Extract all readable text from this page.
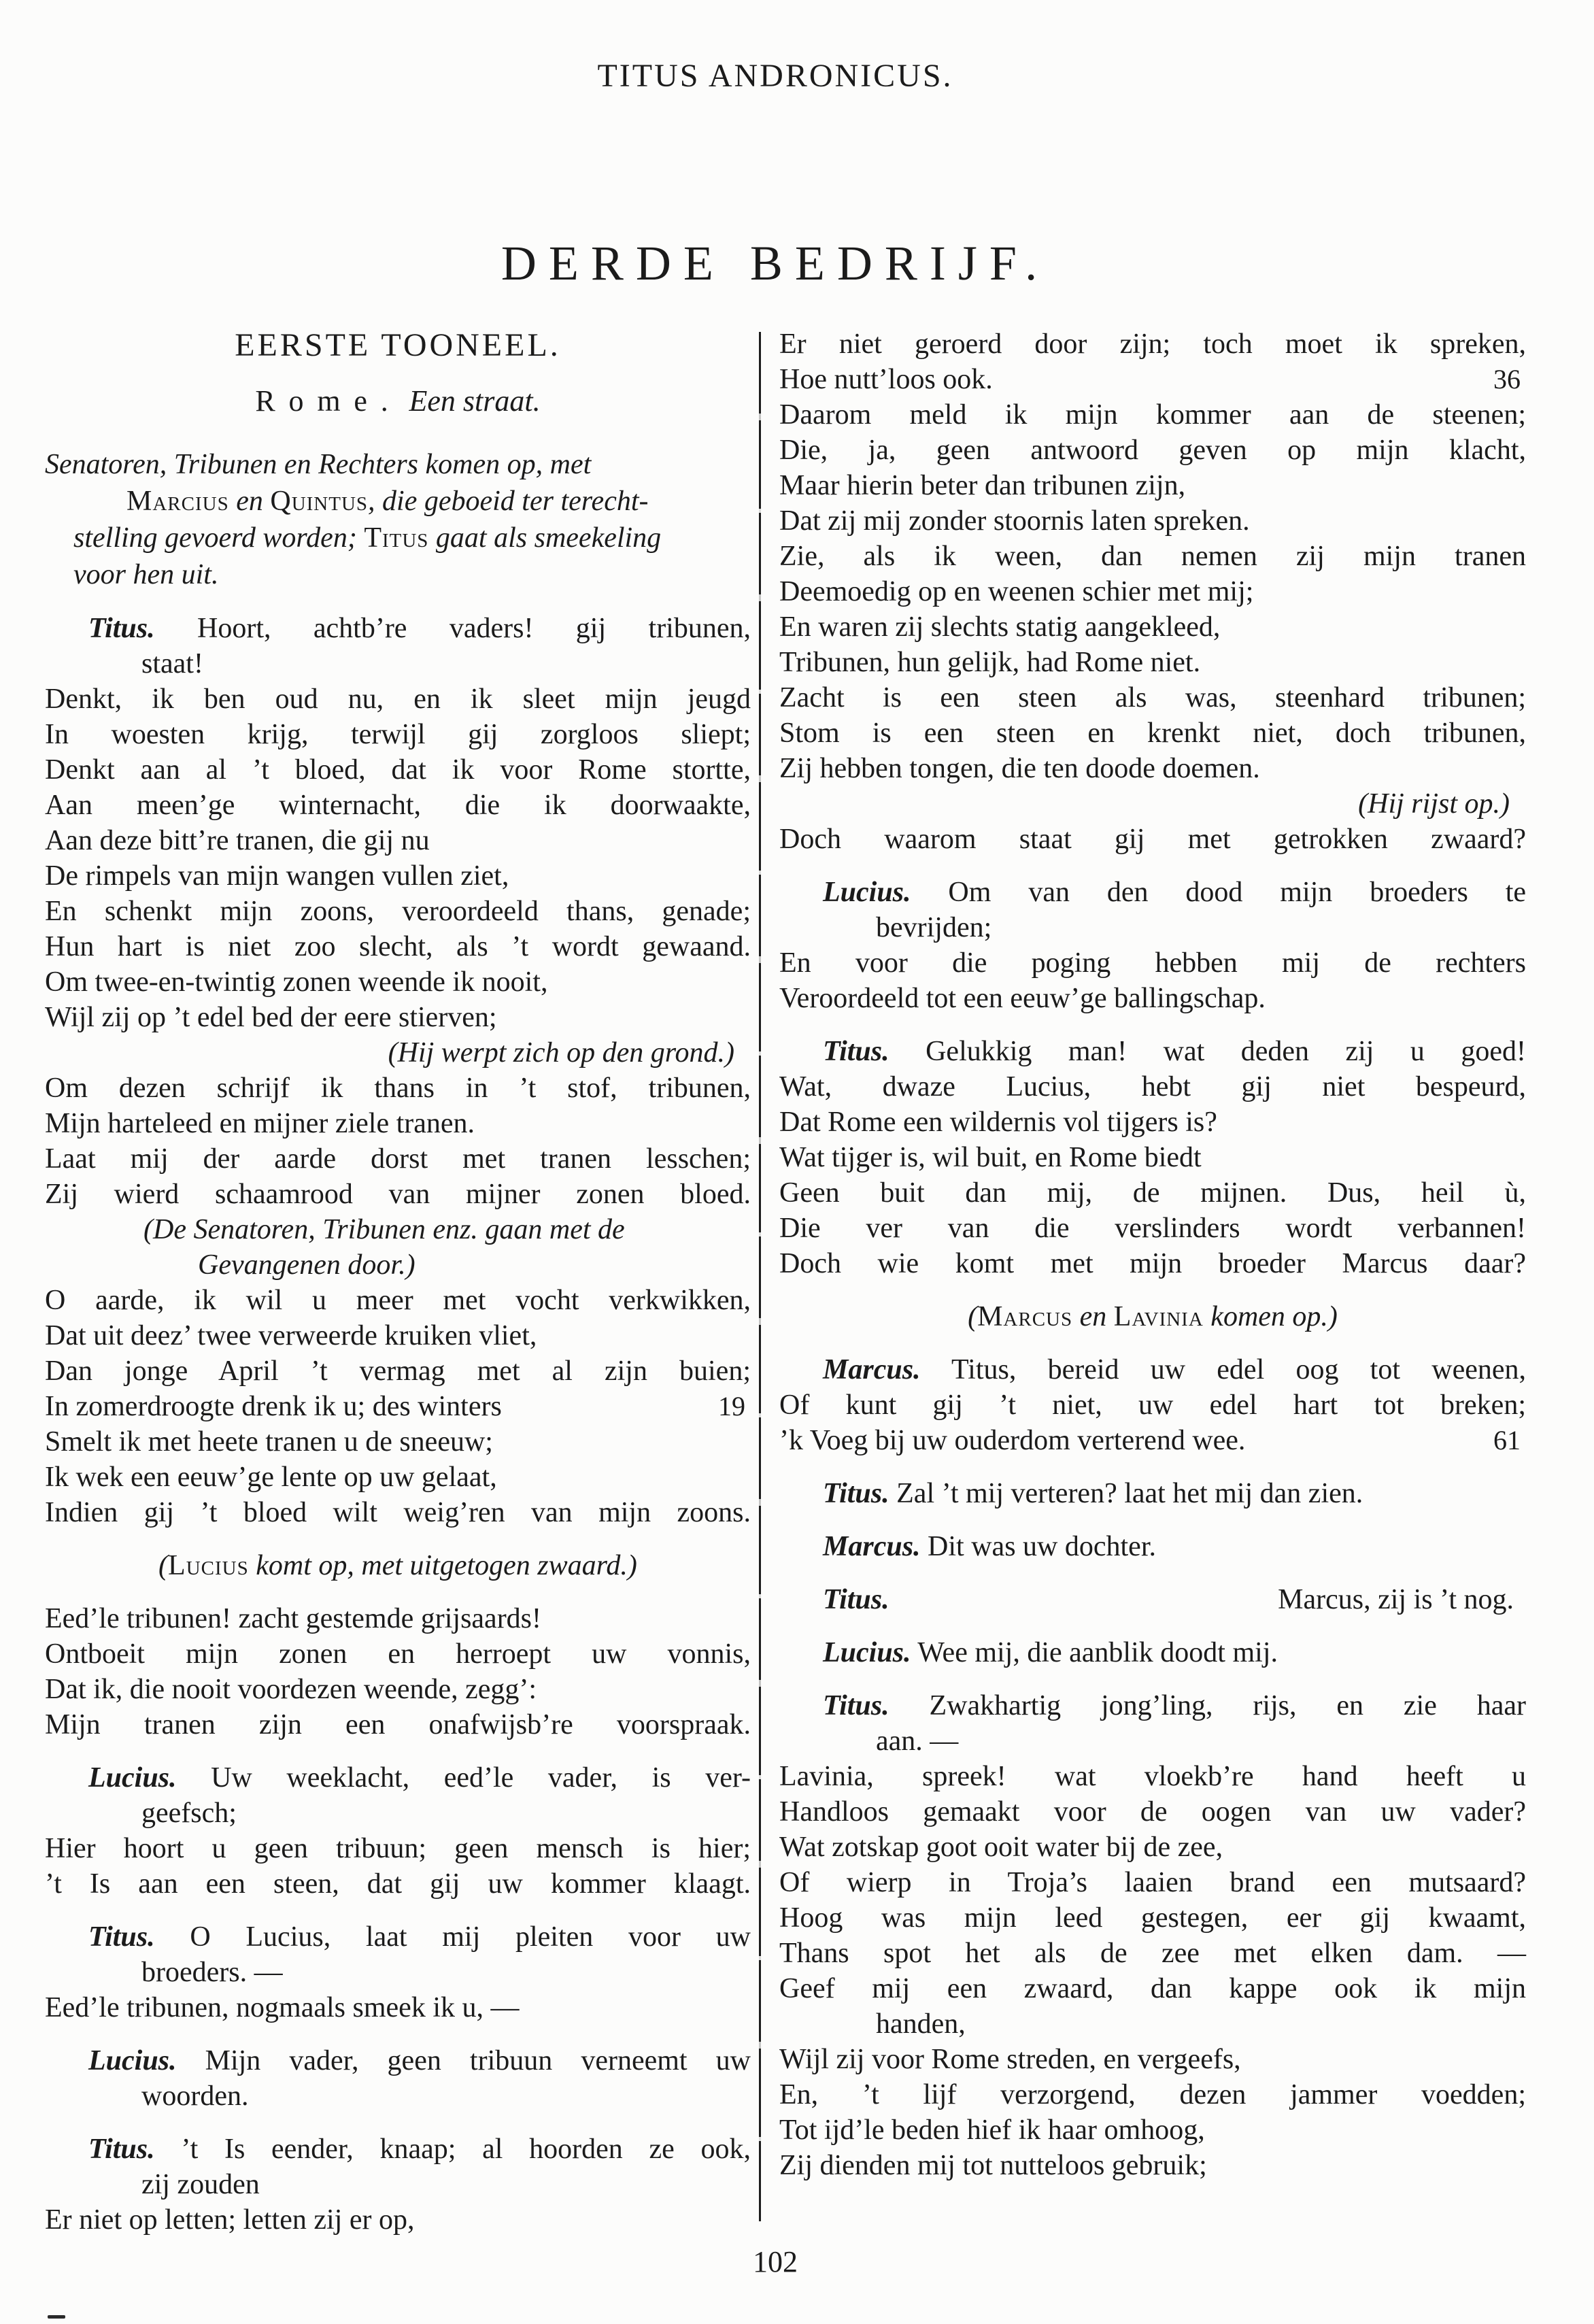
TITUS ANDRONICUS.
DERDE BEDRIJF.
EERSTE TOONEEL.
Rome. Een straat.
Senatoren, Tribunen en Rechters komen op, met
Marcius en Quintus, die geboeid ter terecht-
stelling gevoerd worden; Titus gaat als smeekeling
voor hen uit.
Titus. Hoort, achtb’re vaders! gij tribunen,
staat!
Denkt, ik ben oud nu, en ik sleet mijn jeugd
In woesten krijg, terwijl gij zorgloos sliept;
Denkt aan al ’t bloed, dat ik voor Rome stortte,
Aan meen’ge winternacht, die ik doorwaakte,
Aan deze bitt’re tranen, die gij nu
De rimpels van mijn wangen vullen ziet,
En schenkt mijn zoons, veroordeeld thans, genade;
Hun hart is niet zoo slecht, als ’t wordt gewaand.
Om twee-en-twintig zonen weende ik nooit,
Wijl zij op ’t edel bed der eere stierven;
(Hij werpt zich op den grond.)
Om dezen schrijf ik thans in ’t stof, tribunen,
Mijn harteleed en mijner ziele tranen.
Laat mij der aarde dorst met tranen lesschen;
Zij wierd schaamrood van mijner zonen bloed.
(De Senatoren, Tribunen enz. gaan met de
Gevangenen door.)
O aarde, ik wil u meer met vocht verkwikken,
Dat uit deez’ twee verweerde kruiken vliet,
Dan jonge April ’t vermag met al zijn buien;
In zomerdroogte drenk ik u; des winters	19
Smelt ik met heete tranen u de sneeuw;
Ik wek een eeuw’ge lente op uw gelaat,
Indien gij ’t bloed wilt weig’ren van mijn zoons.
(Lucius komt op, met uitgetogen zwaard.)
Eed’le tribunen! zacht gestemde grijsaards!
Ontboeit mijn zonen en herroept uw vonnis,
Dat ik, die nooit voordezen weende, zegg’:
Mijn tranen zijn een onafwijsb’re voorspraak.
Lucius. Uw weeklacht, eed’le vader, is ver-
geefsch;
Hier hoort u geen tribuun; geen mensch is hier;
’t Is aan een steen, dat gij uw kommer klaagt.
Titus. O Lucius, laat mij pleiten voor uw
broeders. —
Eed’le tribunen, nogmaals smeek ik u, —
Lucius. Mijn vader, geen tribuun verneemt uw
woorden.
Titus. ’t Is eender, knaap; al hoorden ze ook,
zij zouden
Er niet op letten; letten zij er op,
Er niet geroerd door zijn; toch moet ik spreken,
Hoe nutt’loos ook.	36
Daarom meld ik mijn kommer aan de steenen;
Die, ja, geen antwoord geven op mijn klacht,
Maar hierin beter dan tribunen zijn,
Dat zij mij zonder stoornis laten spreken.
Zie, als ik ween, dan nemen zij mijn tranen
Deemoedig op en weenen schier met mij;
En waren zij slechts statig aangekleed,
Tribunen, hun gelijk, had Rome niet.
Zacht is een steen als was, steenhard tribunen;
Stom is een steen en krenkt niet, doch tribunen,
Zij hebben tongen, die ten doode doemen.
(Hij rijst op.)
Doch waarom staat gij met getrokken zwaard?
Lucius. Om van den dood mijn broeders te
bevrijden;
En voor die poging hebben mij de rechters
Veroordeeld tot een eeuw’ge ballingschap.
Titus. Gelukkig man! wat deden zij u goed!
Wat, dwaze Lucius, hebt gij niet bespeurd,
Dat Rome een wildernis vol tijgers is?
Wat tijger is, wil buit, en Rome biedt
Geen buit dan mij, de mijnen. Dus, heil ù,
Die ver van die verslinders wordt verbannen!
Doch wie komt met mijn broeder Marcus daar?
(Marcus en Lavinia komen op.)
Marcus. Titus, bereid uw edel oog tot weenen,
Of kunt gij ’t niet, uw edel hart tot breken;
’k Voeg bij uw ouderdom verterend wee.	61
Titus. Zal ’t mij verteren? laat het mij dan zien.
Marcus. Dit was uw dochter.
Titus.	Marcus, zij is ’t nog.
Lucius. Wee mij, die aanblik doodt mij.
Titus. Zwakhartig jong’ling, rijs, en zie haar
aan. —
Lavinia, spreek! wat vloekb’re hand heeft u
Handloos gemaakt voor de oogen van uw vader?
Wat zotskap goot ooit water bij de zee,
Of wierp in Troja’s laaien brand een mutsaard?
Hoog was mijn leed gestegen, eer gij kwaamt,
Thans spot het als de zee met elken dam. —
Geef mij een zwaard, dan kappe ook ik mijn
handen,
Wijl zij voor Rome streden, en vergeefs,
En, ’t lijf verzorgend, dezen jammer voedden;
Tot ijd’le beden hief ik haar omhoog,
Zij dienden mij tot nutteloos gebruik;
102
